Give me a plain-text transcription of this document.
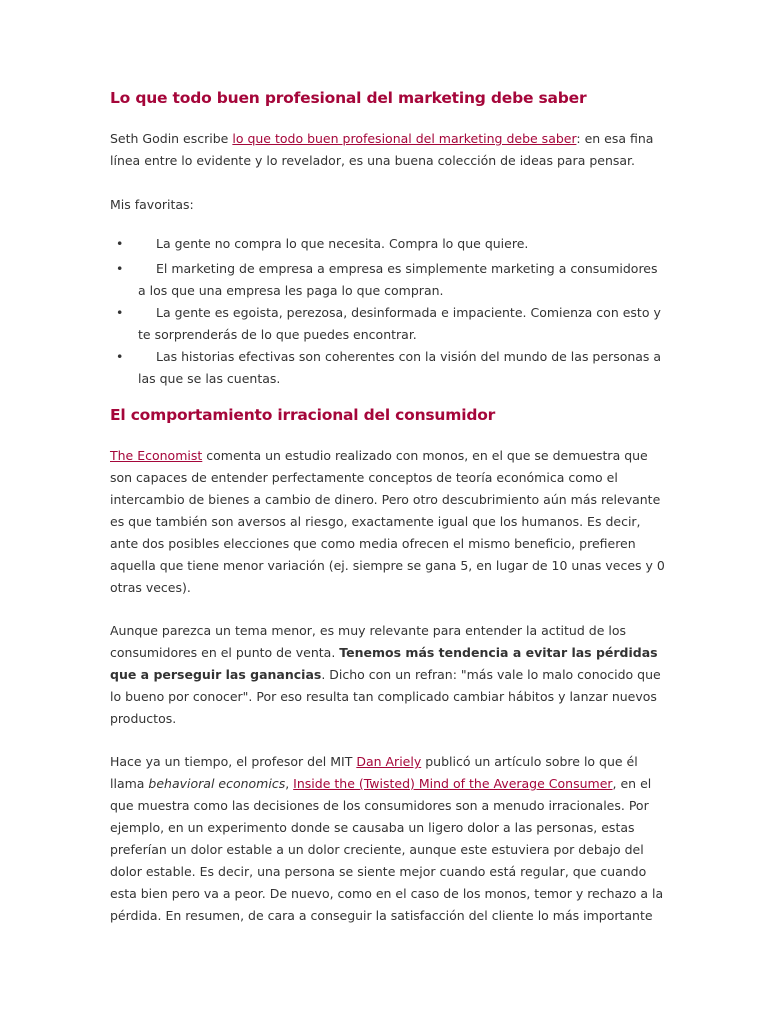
Lo que todo buen profesional del marketing debe saber

Seth Godin escribe lo que todo buen profesional del marketing debe saber: en esa fina

línea entre lo evidente y lo revelador, es una buena colección de ideas para pensar.

Mis favoritas:

•	La gente no compra lo que necesita. Compra lo que quiere.
•	El marketing de empresa a empresa es simplemente marketing a consumidores
a los que una empresa les paga lo que compran.
•	La gente es egoista, perezosa, desinformada e impaciente. Comienza con esto y
te sorprenderás de lo que puedes encontrar.
•	Las historias efectivas son coherentes con la visión del mundo de las personas a
las que se las cuentas.
El comportamiento irracional del consumidor

The Economist comenta un estudio realizado con monos, en el que se demuestra que

son capaces de entender perfectamente conceptos de teoría económica como el

intercambio de bienes a cambio de dinero. Pero otro descubrimiento aún más relevante

es que también son aversos al riesgo, exactamente igual que los humanos. Es decir,

ante dos posibles elecciones que como media ofrecen el mismo beneficio, prefieren

aquella que tiene menor variación (ej. siempre se gana 5, en lugar de 10 unas veces y 0

otras veces).

Aunque parezca un tema menor, es muy relevante para entender la actitud de los

consumidores en el punto de venta. Tenemos más tendencia a evitar las pérdidas

que a perseguir las ganancias. Dicho con un refran: "más vale lo malo conocido que

lo bueno por conocer". Por eso resulta tan complicado cambiar hábitos y lanzar nuevos

productos.

Hace ya un tiempo, el profesor del MIT Dan Ariely publicó un artículo sobre lo que él

llama behavioral economics, Inside the (Twisted) Mind of the Average Consumer, en el

que muestra como las decisiones de los consumidores son a menudo irracionales. Por

ejemplo, en un experimento donde se causaba un ligero dolor a las personas, estas

preferían un dolor estable a un dolor creciente, aunque este estuviera por debajo del

dolor estable. Es decir, una persona se siente mejor cuando está regular, que cuando

esta bien pero va a peor. De nuevo, como en el caso de los monos, temor y rechazo a la

pérdida. En resumen, de cara a conseguir la satisfacción del cliente lo más importante
